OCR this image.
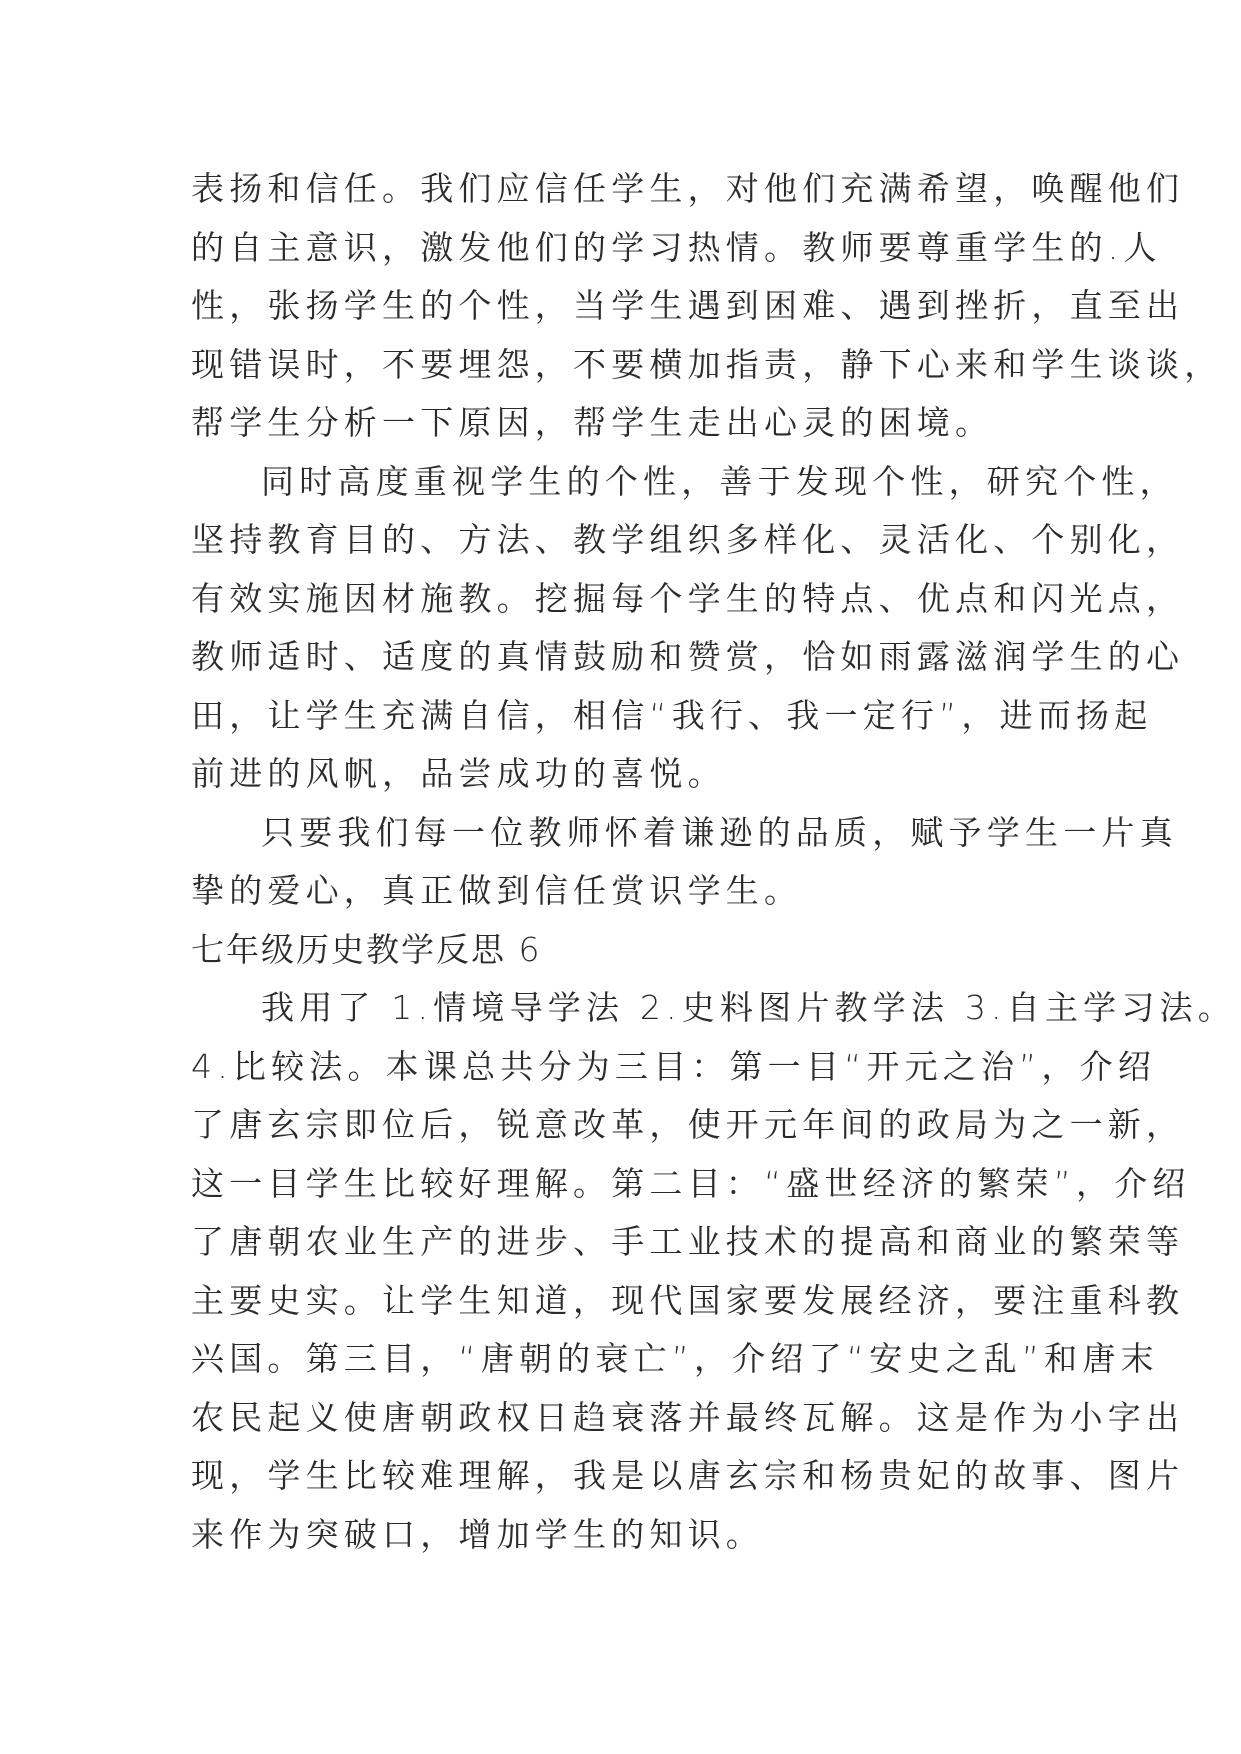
表扬和信任。我们应信任学生，对他们充满希望，唤醒他们
的自主意识，激发他们的学习热情。教师要尊重学生的.人
性，张扬学生的个性，当学生遇到困难、遇到挫折，直至出
现错误时，不要埋怨，不要横加指责，静下心来和学生谈谈，
帮学生分析一下原因，帮学生走出心灵的困境。
同时高度重视学生的个性，善于发现个性，研究个性，
坚持教育目的、方法、教学组织多样化、灵活化、个别化，
有效实施因材施教。挖掘每个学生的特点、优点和闪光点，
教师适时、适度的真情鼓励和赞赏，恰如雨露滋润学生的心
田，让学生充满自信，相信“我行、我一定行”，进而扬起
前进的风帆，品尝成功的喜悦。
只要我们每一位教师怀着谦逊的品质，赋予学生一片真
挚的爱心，真正做到信任赏识学生。
七年级历史教学反思 6
我用了 1.情境导学法 2.史料图片教学法 3.自主学习法。
4.比较法。本课总共分为三目：第一目“开元之治”，介绍
了唐玄宗即位后，锐意改革，使开元年间的政局为之一新，
这一目学生比较好理解。第二目：“盛世经济的繁荣”，介绍
了唐朝农业生产的进步、手工业技术的提高和商业的繁荣等
主要史实。让学生知道，现代国家要发展经济，要注重科教
兴国。第三目，“唐朝的衰亡”，介绍了“安史之乱”和唐末
农民起义使唐朝政权日趋衰落并最终瓦解。这是作为小字出
现，学生比较难理解，我是以唐玄宗和杨贵妃的故事、图片
来作为突破口，增加学生的知识。
